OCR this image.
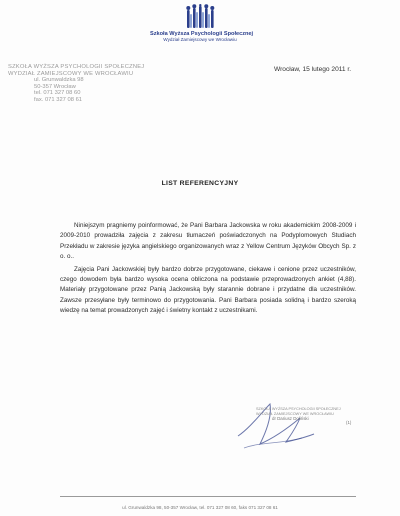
Szkoła Wyższa Psychologii Społecznej
Wydział Zamiejscowy we Wrocławiu
SZKOŁA WYŻSZA PSYCHOLOGII SPOŁECZNEJ
WYDZIAŁ ZAMIEJSCOWY WE WROCŁAWIU
ul. Grunwaldzka 98
50-357 Wrocław
tel. 071 327 08 60
fax. 071 327 08 61
Wrocław, 15 lutego 2011 r.
LIST REFERENCYJNY

Niniejszym pragniemy poinformować, że Pani Barbara Jackowska w roku akademickim 2008-2009 i 2009-2010 prowadziła zajęcia z zakresu tłumaczeń poświadczonych na Podyplomowych Studiach Przekładu w zakresie języka angielskiego organizowanych wraz z Yellow Centrum Języków Obcych Sp. z o. o..

Zajęcia Pani Jackowskiej były bardzo dobrze przygotowane, ciekawe i cenione przez uczestników, czego dowodem była bardzo wysoka ocena obliczona na podstawie przeprowadzonych ankiet (4,88). Materiały przygotowane przez Panią Jackowską były starannie dobrane i przydatne dla uczestników. Zawsze przesyłane były terminowo do przygotowania. Pani Barbara posiada solidną i bardzo szeroką wiedzę na temat prowadzonych zajęć i świetny kontakt z uczestnikami.

SZKOŁA WYŻSZA PSYCHOLOGII SPOŁECZNEJ
WYDZIAŁ ZAMIEJSCOWY WE WROCŁAWIU
dr Dariusz Doliński
(1)
ul. Grunwaldzka 98, 50-357 Wrocław, tel. 071 327 08 60, faks 071 327 08 61
